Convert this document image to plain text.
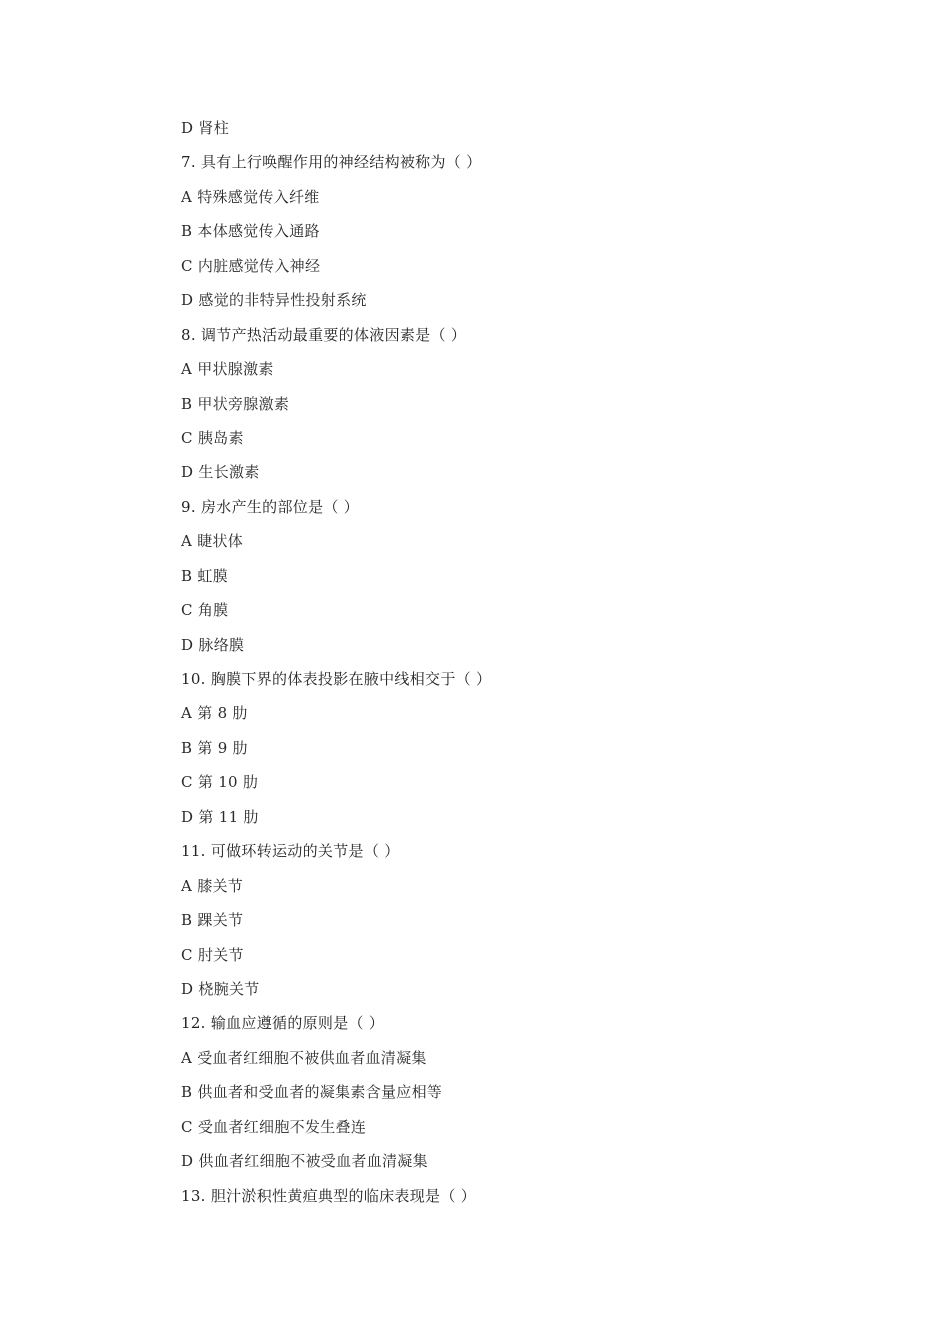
D 肾柱
7. 具有上行唤醒作用的神经结构被称为（ ）
A 特殊感觉传入纤维
B 本体感觉传入通路
C 内脏感觉传入神经
D 感觉的非特异性投射系统
8. 调节产热活动最重要的体液因素是（ ）
A 甲状腺激素
B 甲状旁腺激素
C 胰岛素
D 生长激素
9. 房水产生的部位是（ ）
A 睫状体
B 虹膜
C 角膜
D 脉络膜
10. 胸膜下界的体表投影在腋中线相交于（ ）
A 第 8 肋
B 第 9 肋
C 第 10 肋
D 第 11 肋
11. 可做环转运动的关节是（ ）
A 膝关节
B 踝关节
C 肘关节
D 桡腕关节
12. 输血应遵循的原则是（ ）
A 受血者红细胞不被供血者血清凝集
B 供血者和受血者的凝集素含量应相等
C 受血者红细胞不发生叠连
D 供血者红细胞不被受血者血清凝集
13. 胆汁淤积性黄疸典型的临床表现是（ ）
